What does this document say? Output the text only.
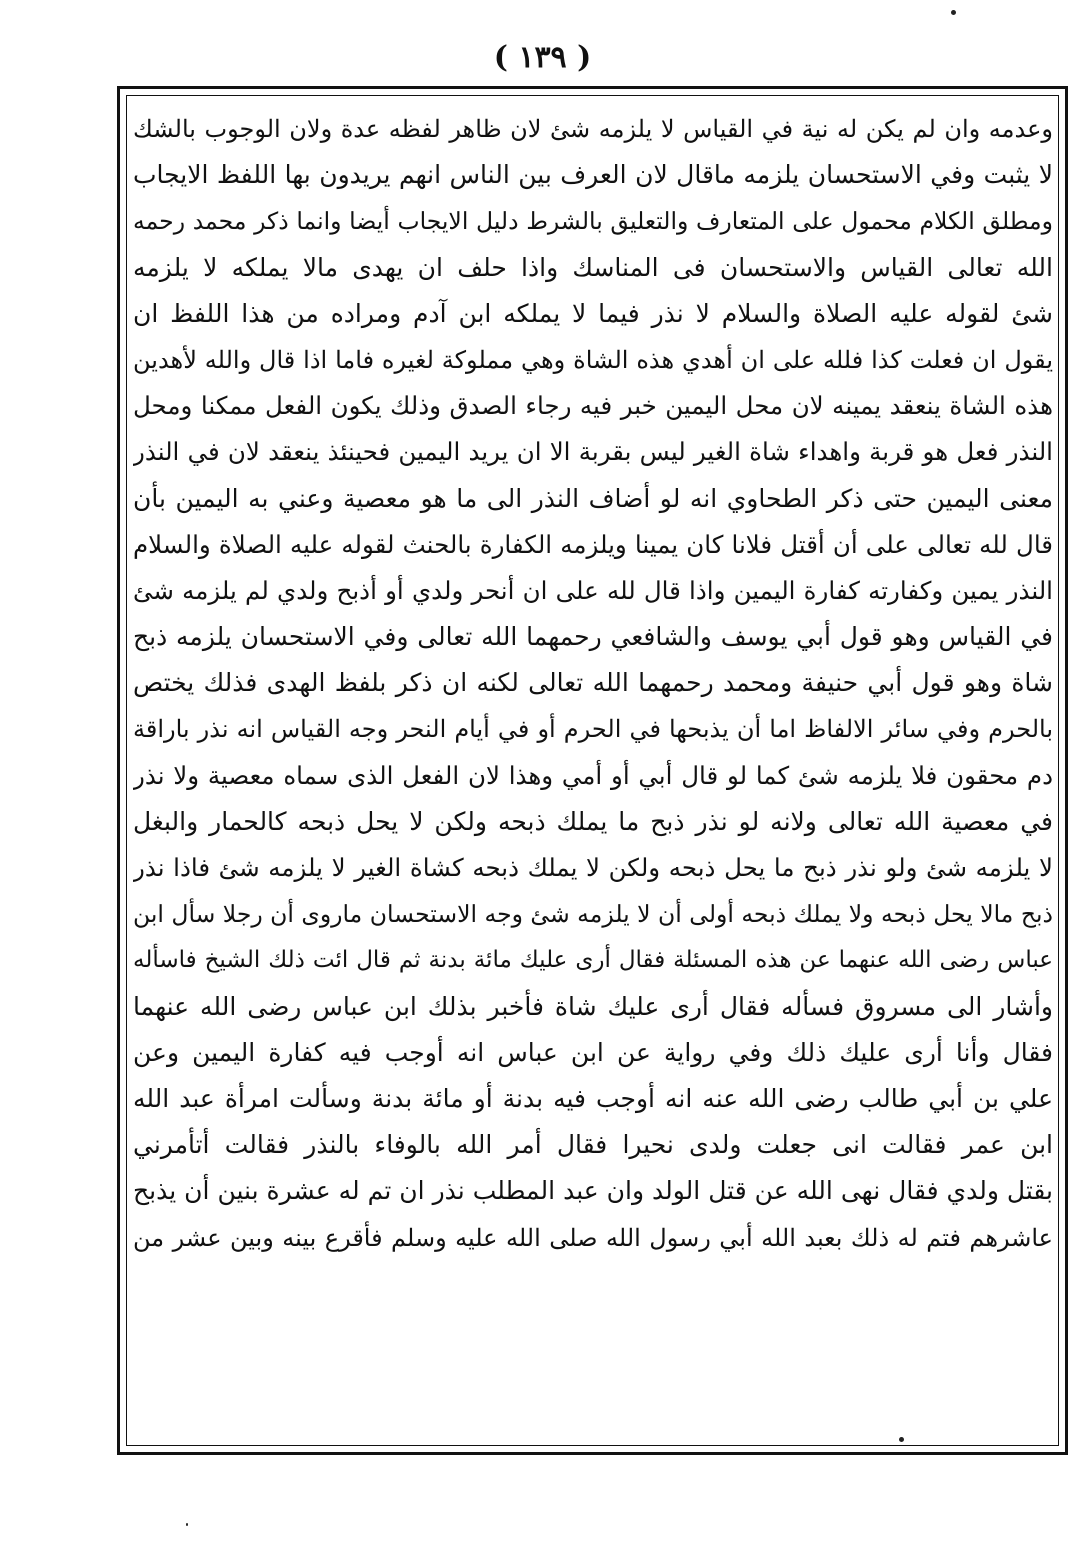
( ١٣٩ )
وعدمه وان لم يكن له نية في القياس لا يلزمه شئ لان ظاهر لفظه عدة ولان الوجوب بالشك
لا يثبت وفي الاستحسان يلزمه ماقال لان العرف بين الناس انهم يريدون بها اللفظ الايجاب
ومطلق الكلام محمول على المتعارف والتعليق بالشرط دليل الايجاب أيضا وانما ذكر محمد رحمه
الله تعالى القياس والاستحسان فى المناسك واذا حلف ان يهدى مالا يملكه لا يلزمه
شئ لقوله عليه الصلاة والسلام لا نذر فيما لا يملكه ابن آدم ومراده من هذا اللفظ ان
يقول ان فعلت كذا فلله على ان أهدي هذه الشاة وهي مملوكة لغيره فاما اذا قال والله لأهدين
هذه الشاة ينعقد يمينه لان محل اليمين خبر فيه رجاء الصدق وذلك يكون الفعل ممكنا ومحل
النذر فعل هو قربة واهداء شاة الغير ليس بقربة الا ان يريد اليمين فحينئذ ينعقد لان في النذر
معنى اليمين حتى ذكر الطحاوي انه لو أضاف النذر الى ما هو معصية وعني به اليمين بأن
قال لله تعالى على أن أقتل فلانا كان يمينا ويلزمه الكفارة بالحنث لقوله عليه الصلاة والسلام
النذر يمين وكفارته كفارة اليمين واذا قال لله على ان أنحر ولدي أو أذبح ولدي لم يلزمه شئ
في القياس وهو قول أبي يوسف والشافعي رحمهما الله تعالى وفي الاستحسان يلزمه ذبح
شاة وهو قول أبي حنيفة ومحمد رحمهما الله تعالى لكنه ان ذكر بلفظ الهدى فذلك يختص
بالحرم وفي سائر الالفاظ اما أن يذبحها في الحرم أو في أيام النحر وجه القياس انه نذر باراقة
دم محقون فلا يلزمه شئ كما لو قال أبي أو أمي وهذا لان الفعل الذى سماه معصية ولا نذر
في معصية الله تعالى ولانه لو نذر ذبح ما يملك ذبحه ولكن لا يحل ذبحه كالحمار والبغل
لا يلزمه شئ ولو نذر ذبح ما يحل ذبحه ولكن لا يملك ذبحه كشاة الغير لا يلزمه شئ فاذا نذر
ذبح مالا يحل ذبحه ولا يملك ذبحه أولى أن لا يلزمه شئ وجه الاستحسان ماروى أن رجلا سأل ابن
عباس رضى الله عنهما عن هذه المسئلة فقال أرى عليك مائة بدنة ثم قال ائت ذلك الشيخ فاسأله
وأشار الى مسروق فسأله فقال أرى عليك شاة فأخبر بذلك ابن عباس رضى الله عنهما
فقال وأنا أرى عليك ذلك وفي رواية عن ابن عباس انه أوجب فيه كفارة اليمين وعن
علي بن أبي طالب رضى الله عنه انه أوجب فيه بدنة أو مائة بدنة وسألت امرأة عبد الله
ابن عمر فقالت انى جعلت ولدى نحيرا فقال أمر الله بالوفاء بالنذر فقالت أتأمرني
بقتل ولدي فقال نهى الله عن قتل الولد وان عبد المطلب نذر ان تم له عشرة بنين أن يذبح
عاشرهم فتم له ذلك بعبد الله أبي رسول الله صلى الله عليه وسلم فأقرع بينه وبين عشر من
